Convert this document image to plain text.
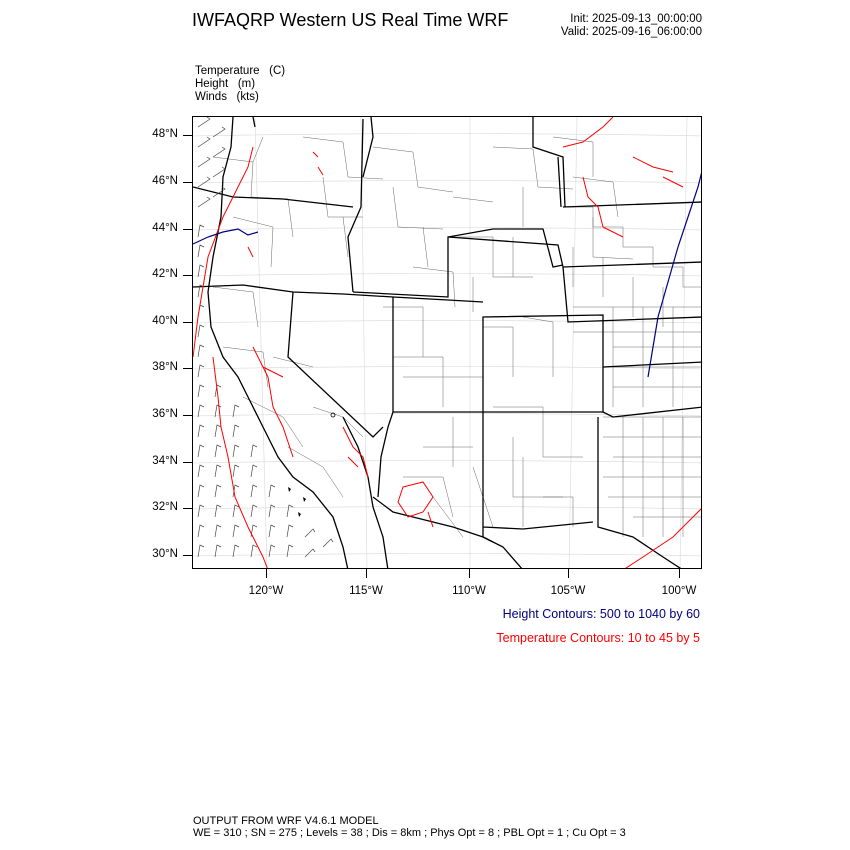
IWFAQRP Western US Real Time WRF	Init: 2025-09-13_00:00:00
Valid: 2025-09-16_06:00:00
Temperature   (C)
Height   (m)
Winds   (kts)
48°N
46°N
44°N
42°N
40°N
38°N
36°N
34°N
32°N
30°N
120°W	115°W	110°W	105°W	100°W
Height Contours: 500 to 1040 by 60
Temperature Contours: 10 to 45 by 5
OUTPUT FROM WRF V4.6.1 MODEL
WE = 310 ; SN = 275 ; Levels = 38 ; Dis = 8km ; Phys Opt = 8 ; PBL Opt = 1 ; Cu Opt = 3
